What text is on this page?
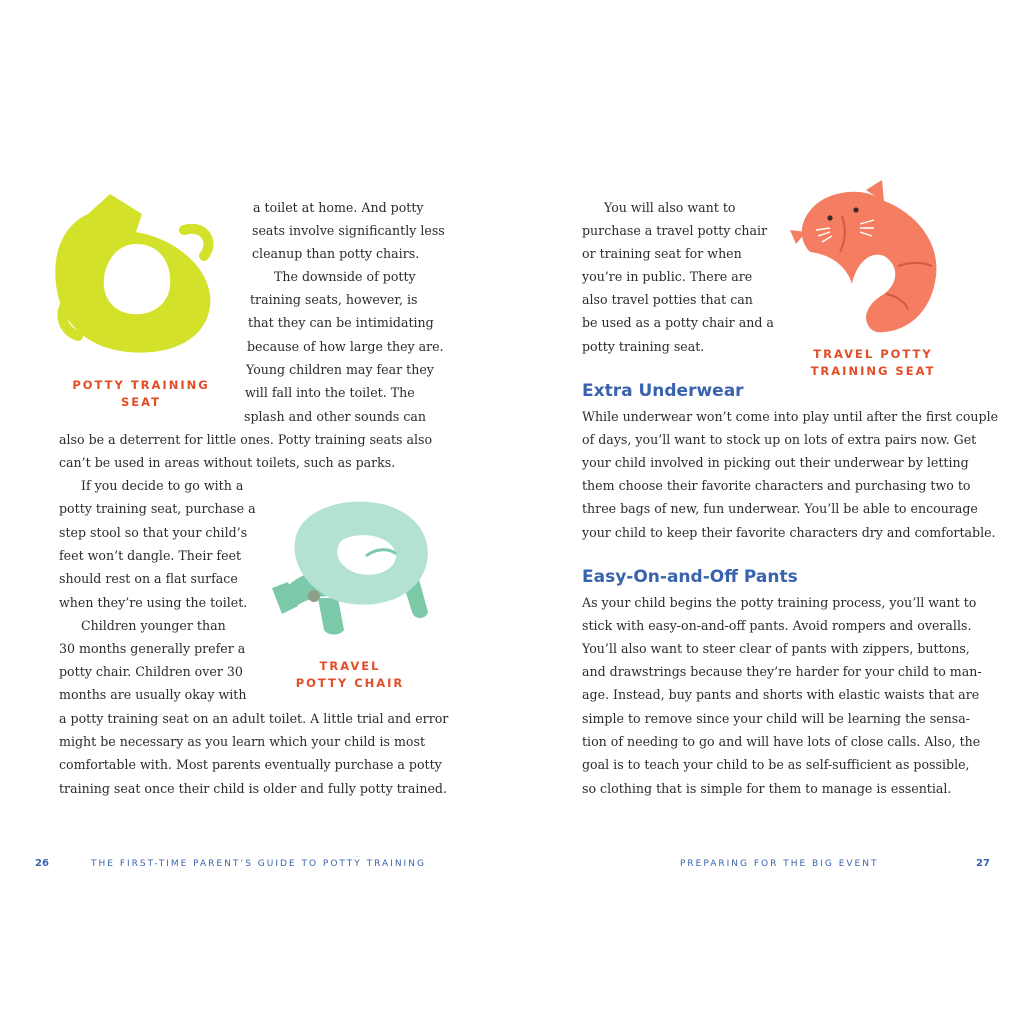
POTTY TRAINING
SEAT
a toilet at home. And potty
seats involve significantly less
cleanup than potty chairs.
The downside of potty
training seats, however, is
that they can be intimidating
because of how large they are.
Young children may fear they
will fall into the toilet. The
splash and other sounds can
also be a deterrent for little ones. Potty training seats also
can’t be used in areas without toilets, such as parks.
If you decide to go with a
potty training seat, purchase a
step stool so that your child’s
feet won’t dangle. Their feet
should rest on a flat surface
when they’re using the toilet.
Children younger than
30 months generally prefer a
potty chair. Children over 30
months are usually okay with
a potty training seat on an adult toilet. A little trial and error
might be necessary as you learn which your child is most
comfortable with. Most parents eventually purchase a potty
training seat once their child is older and fully potty trained.
TRAVEL
POTTY CHAIR
26	THE FIRST-TIME PARENT’S GUIDE TO POTTY TRAINING
You will also want to
purchase a travel potty chair
or training seat for when
you’re in public. There are
also travel potties that can
be used as a potty chair and a
potty training seat.	TRAVEL POTTY
TRAINING SEAT
Extra Underwear
While underwear won’t come into play until after the first couple
of days, you’ll want to stock up on lots of extra pairs now. Get
your child involved in picking out their underwear by letting
them choose their favorite characters and purchasing two to
three bags of new, fun underwear. You’ll be able to encourage
your child to keep their favorite characters dry and comfortable.
Easy-On-and-Off Pants
As your child begins the potty training process, you’ll want to
stick with easy-on-and-off pants. Avoid rompers and overalls.
You’ll also want to steer clear of pants with zippers, buttons,
and drawstrings because they’re harder for your child to man-
age. Instead, buy pants and shorts with elastic waists that are
simple to remove since your child will be learning the sensa-
tion of needing to go and will have lots of close calls. Also, the
goal is to teach your child to be as self-sufficient as possible,
so clothing that is simple for them to manage is essential.
PREPARING FOR THE BIG EVENT	27
